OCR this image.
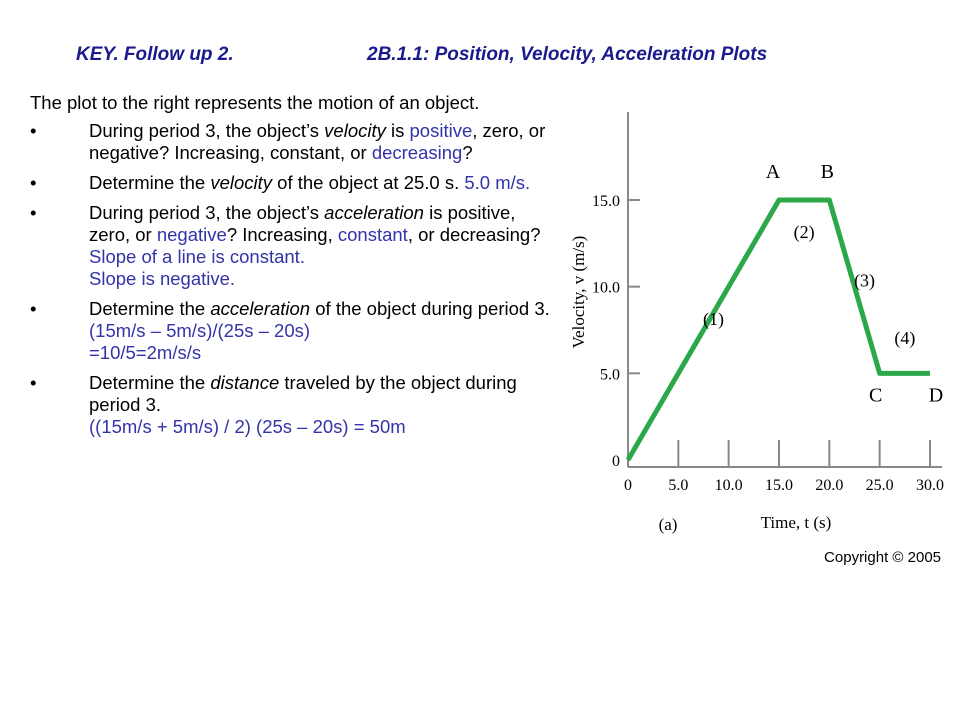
KEY. Follow up 2.	2B.1.1: Position, Velocity, Acceleration Plots

The plot to the right represents the motion of an object.

•	During period 3, the object’s velocity is positive, zero, or negative? Increasing, constant, or decreasing?
•	Determine the velocity of the object at 25.0 s. 5.0 m/s.
•	During period 3, the object’s acceleration is positive, zero, or negative? Increasing, constant, or decreasing?
Slope of a line is constant.
Slope is negative.
•	Determine the acceleration of the object during period 3.
(15m/s – 5m/s)/(25s – 20s)
=10/5=2m/s/s
•	Determine the distance traveled by the object during period 3.
((15m/s + 5m/s) / 2) (25s – 20s) = 50m
0 5.0 10.0 15.0 20.0 25.0 30.0
0
5.0
10.0
15.0
A B
C D
(1)
(2)
(3)
(4)
Time, t (s)
Velocity, v (m/s)
(a)
Copyright © 2005
